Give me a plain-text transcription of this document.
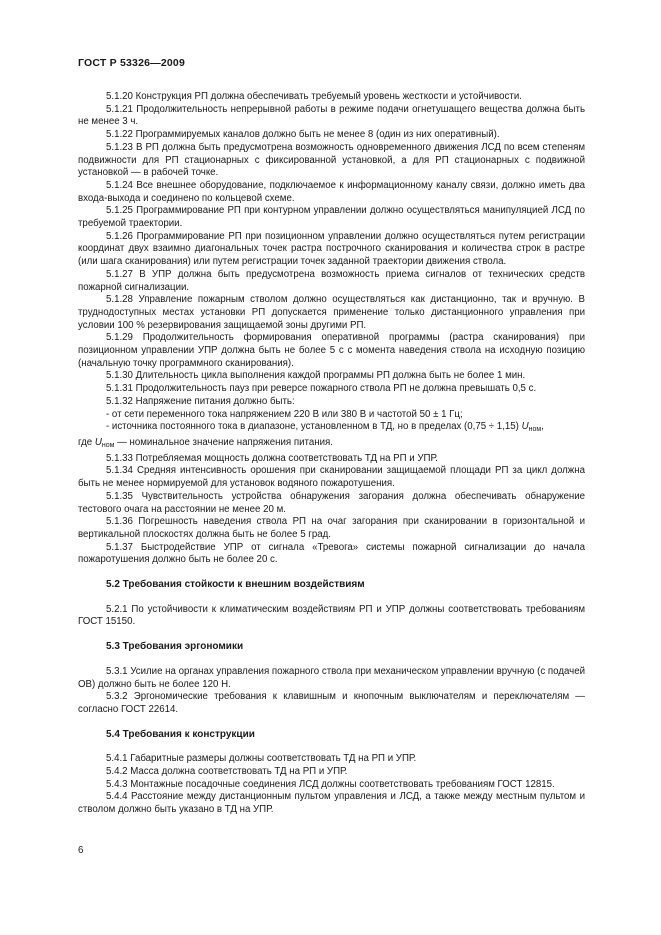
ГОСТ Р 53326—2009

5.1.20 Конструкция РП должна обеспечивать требуемый уровень жесткости и устойчивости.

5.1.21 Продолжительность непрерывной работы в режиме подачи огнетушащего вещества должна быть не менее 3 ч.

5.1.22 Программируемых каналов должно быть не менее 8 (один из них оперативный).

5.1.23 В РП должна быть предусмотрена возможность одновременного движения ЛСД по всем степеням подвижности для РП стационарных с фиксированной установкой, а для РП стационарных с подвижной установкой — в рабочей точке.

5.1.24 Все внешнее оборудование, подключаемое к информационному каналу связи, должно иметь два входа-выхода и соединено по кольцевой схеме.

5.1.25 Программирование РП при контурном управлении должно осуществляться манипуляцией ЛСД по требуемой траектории.

5.1.26 Программирование РП при позиционном управлении должно осуществляться путем регистрации координат двух взаимно диагональных точек растра построчного сканирования и количества строк в растре (или шага сканирования) или путем регистрации точек заданной траектории движения ствола.

5.1.27 В УПР должна быть предусмотрена возможность приема сигналов от технических средств пожарной сигнализации.

5.1.28 Управление пожарным стволом должно осуществляться как дистанционно, так и вручную. В труднодоступных местах установки РП допускается применение только дистанционного управления при условии 100 % резервирования защищаемой зоны другими РП.

5.1.29 Продолжительность формирования оперативной программы (растра сканирования) при позиционном управлении УПР должна быть не более 5 с с момента наведения ствола на исходную позицию (начальную точку программного сканирования).

5.1.30 Длительность цикла выполнения каждой программы РП должна быть не более 1 мин.

5.1.31 Продолжительность пауз при реверсе пожарного ствола РП не должна превышать 0,5 с.

5.1.32 Напряжение питания должно быть:

- от сети переменного тока напряжением 220 В или 380 В и частотой 50 ± 1 Гц;

- источника постоянного тока в диапазоне, установленном в ТД, но в пределах (0,75 ÷ 1,15) $U_{ном}$,

где $U_{ном}$ — номинальное значение напряжения питания.

5.1.33 Потребляемая мощность должна соответствовать ТД на РП и УПР.

5.1.34 Средняя интенсивность орошения при сканировании защищаемой площади РП за цикл должна быть не менее нормируемой для установок водяного пожаротушения.

5.1.35 Чувствительность устройства обнаружения загорания должна обеспечивать обнаружение тестового очага на расстоянии не менее 20 м.

5.1.36 Погрешность наведения ствола РП на очаг загорания при сканировании в горизонтальной и вертикальной плоскостях должна быть не более 5 град.

5.1.37 Быстродействие УПР от сигнала «Тревога» системы пожарной сигнализации до начала пожаротушения должно быть не более 20 с.

5.2 Требования стойкости к внешним воздействиям

5.2.1 По устойчивости к климатическим воздействиям РП и УПР должны соответствовать требованиям ГОСТ 15150.

5.3 Требования эргономики

5.3.1 Усилие на органах управления пожарного ствола при механическом управлении вручную (с подачей ОВ) должно быть не более 120 Н.

5.3.2 Эргономические требования к клавишным и кнопочным выключателям и переключателям — согласно ГОСТ 22614.

5.4 Требования к конструкции

5.4.1 Габаритные размеры должны соответствовать ТД на РП и УПР.

5.4.2 Масса должна соответствовать ТД на РП и УПР.

5.4.3 Монтажные посадочные соединения ЛСД должны соответствовать требованиям ГОСТ 12815.

5.4.4 Расстояние между дистанционным пультом управления и ЛСД, а также между местным пультом и стволом должно быть указано в ТД на УПР.

6
